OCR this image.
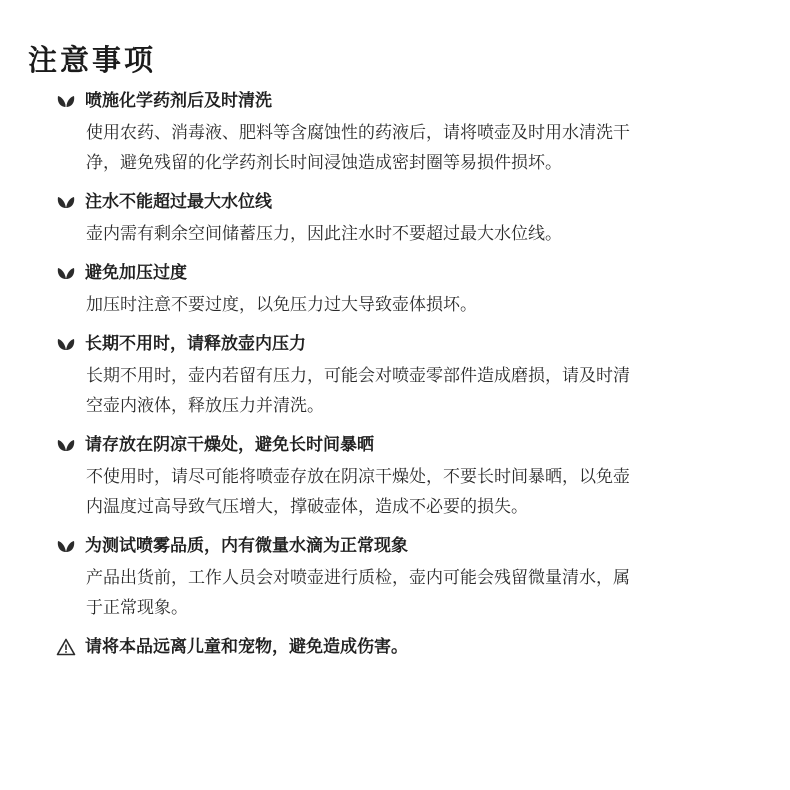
注意事项
喷施化学药剂后及时清洗
使用农药、消毒液、肥料等含腐蚀性的药液后，请将喷壶及时用水清洗干
净，避免残留的化学药剂长时间浸蚀造成密封圈等易损件损坏。
注水不能超过最大水位线
壶内需有剩余空间储蓄压力，因此注水时不要超过最大水位线。
避免加压过度
加压时注意不要过度，以免压力过大导致壶体损坏。
长期不用时，请释放壶内压力
长期不用时，壶内若留有压力，可能会对喷壶零部件造成磨损，请及时清
空壶内液体，释放压力并清洗。
请存放在阴凉干燥处，避免长时间暴晒
不使用时，请尽可能将喷壶存放在阴凉干燥处，不要长时间暴晒，以免壶
内温度过高导致气压增大，撑破壶体，造成不必要的损失。
为测试喷雾品质，内有微量水滴为正常现象
产品出货前，工作人员会对喷壶进行质检，壶内可能会残留微量清水，属
于正常现象。
请将本品远离儿童和宠物，避免造成伤害。
